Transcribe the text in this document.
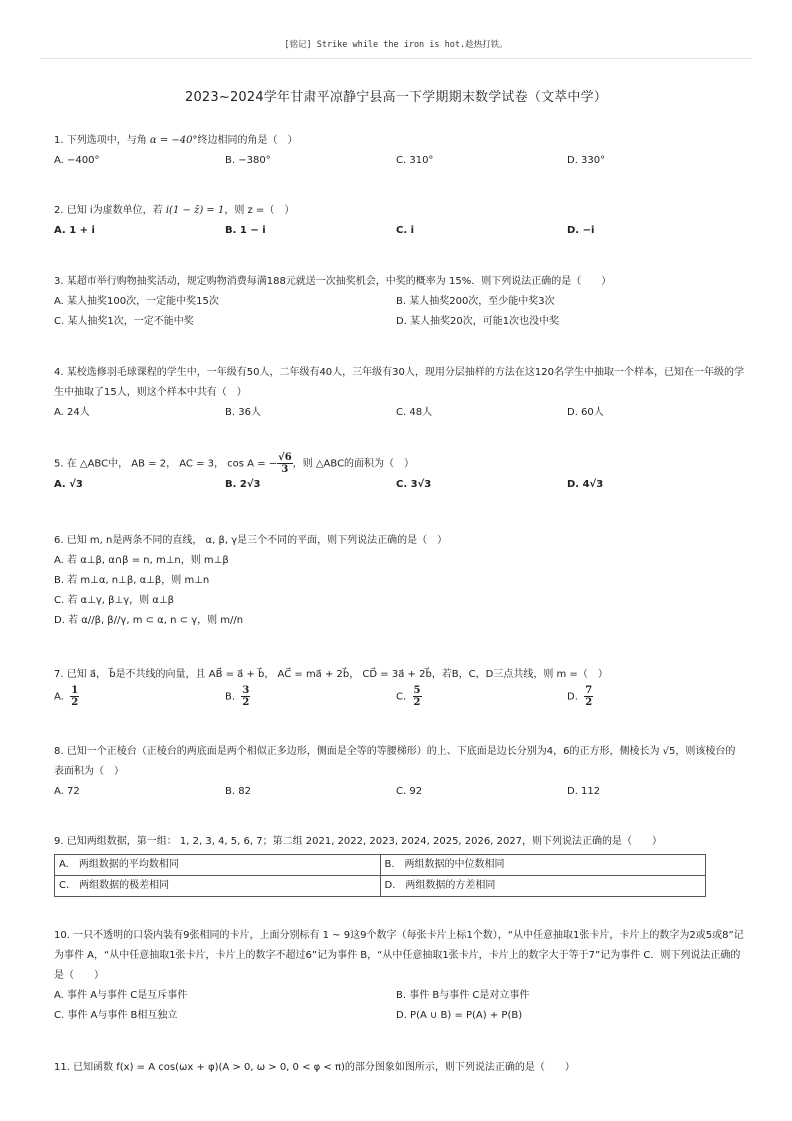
[铭记] Strike while the iron is hot.趁热打铁。
2023~2024学年甘肃平凉静宁县高一下学期期末数学试卷（文萃中学）
1. 下列选项中，与角 α = −40°终边相同的角是（　）
A. −400°	B. −380°	C. 310°	D. 330°
2. 已知 i为虚数单位，若 i(1 − z̄) = 1，则 z =（　）
A. 1 + i	B. 1 − i	C. i	D. −i
3. 某超市举行购物抽奖活动，规定购物消费每满188元就送一次抽奖机会，中奖的概率为 15%．则下列说法正确的是（　　）
A. 某人抽奖100次，一定能中奖15次	B. 某人抽奖200次，至少能中奖3次
C. 某人抽奖1次，一定不能中奖	D. 某人抽奖20次，可能1次也没中奖
4. 某校选修羽毛球课程的学生中，一年级有50人，二年级有40人，三年级有30人，现用分层抽样的方法在这120名学生中抽取一个样本，已知在一年级的学生中抽取了15人，则这个样本中共有（　）
A. 24人	B. 36人	C. 48人	D. 60人
5. 在 △ABC中， AB = 2， AC = 3， cos A = − $\frac{√6}{3}$ ，则 △ABC的面积为（　）
A. √3	B. 2√3	C. 3√3	D. 4√3
6. 已知 m, n是两条不同的直线， α, β, γ是三个不同的平面，则下列说法正确的是（　）
A. 若 α⊥β, α∩β = n, m⊥n，则 m⊥β
B. 若 m⊥α, n⊥β, α⊥β，则 m⊥n
C. 若 α⊥γ, β⊥γ，则 α⊥β
D. 若 α//β, β//γ, m ⊂ α, n ⊂ γ，则 m//n
7. 已知 a⃗， b⃗是不共线的向量，且 AB⃗ = a⃗ + b⃗， AC⃗ = ma⃗ + 2b⃗， CD⃗ = 3a⃗ + 2b⃗，若B，C，D三点共线，则 m =（　）
A. $\frac{1}{2}$	B. $\frac{3}{2}$	C. $\frac{5}{2}$	D. $\frac{7}{2}$
8. 已知一个正棱台（正棱台的两底面是两个相似正多边形，侧面是全等的等腰梯形）的上、下底面是边长分别为4，6的正方形，侧棱长为 √5，则该棱台的表面积为（　）
A. 72	B. 82	C. 92	D. 112
9. 已知两组数据，第一组： 1, 2, 3, 4, 5, 6, 7；第二组 2021, 2022, 2023, 2024, 2025, 2026, 2027，则下列说法正确的是（　　）
A.　两组数据的平均数相同	B.　两组数据的中位数相同
C.　两组数据的极差相同	D.　两组数据的方差相同
10. 一只不透明的口袋内装有9张相同的卡片，上面分别标有 1 ~ 9这9个数字（每张卡片上标1个数），“从中任意抽取1张卡片，卡片上的数字为2或5或8”记为事件 A，“从中任意抽取1张卡片，卡片上的数字不超过6”记为事件 B，“从中任意抽取1张卡片，卡片上的数字大于等于7”记为事件 C．则下列说法正确的是（　　）
A. 事件 A与事件 C是互斥事件	B. 事件 B与事件 C是对立事件
C. 事件 A与事件 B相互独立	D. P(A ∪ B) = P(A) + P(B)
11. 已知函数 f(x) = A cos(ωx + φ)(A > 0, ω > 0, 0 < φ < π)的部分图象如图所示，则下列说法正确的是（　　）
